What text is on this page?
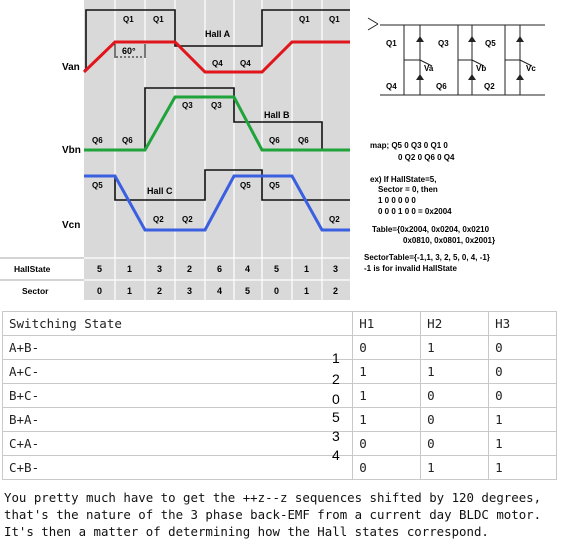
60°
Van
Vbn
Vcn
Hall A
Hall B
Hall C
Q1 Q1
Q4 Q4
Q1 Q1
Q3 Q3
Q6 Q6	Q6 Q6
Q5	Q5 Q5
Q2 Q2	Q2
HallState
Sector
5	1	3	2	6	4	5	1	3
0	1	2	3	4	5	0	1	2
Q1	Q3	Q5
Q4	Q6	Q2
Va	Vb	Vc
map; Q5 0 Q3 0 Q1 0
0 Q2 0 Q6 0 Q4
ex) If HallState=5,
Sector = 0, then
1 0 0 0 0 0
0 0 0 1 0 0 = 0x2004
Table={0x2004, 0x0204, 0x0210
0x0810, 0x0801, 0x2001}
SectorTable={-1,1, 3, 2, 5, 0, 4, -1}
-1 is for invalid HallState
Switching State	H1	H2	H3
A+B-	0	1	0
A+C-	1	1	0
B+C-	1	0	0
B+A-	1	0	1
C+A-	0	0	1
C+B-	0	1	1
1
2
0
5
3
4

You pretty much have to get the ++z--z sequences shifted by 120 degrees,

that's the nature of the 3 phase back-EMF from a current day BLDC motor.

It's then a matter of determining how the Hall states correspond.
